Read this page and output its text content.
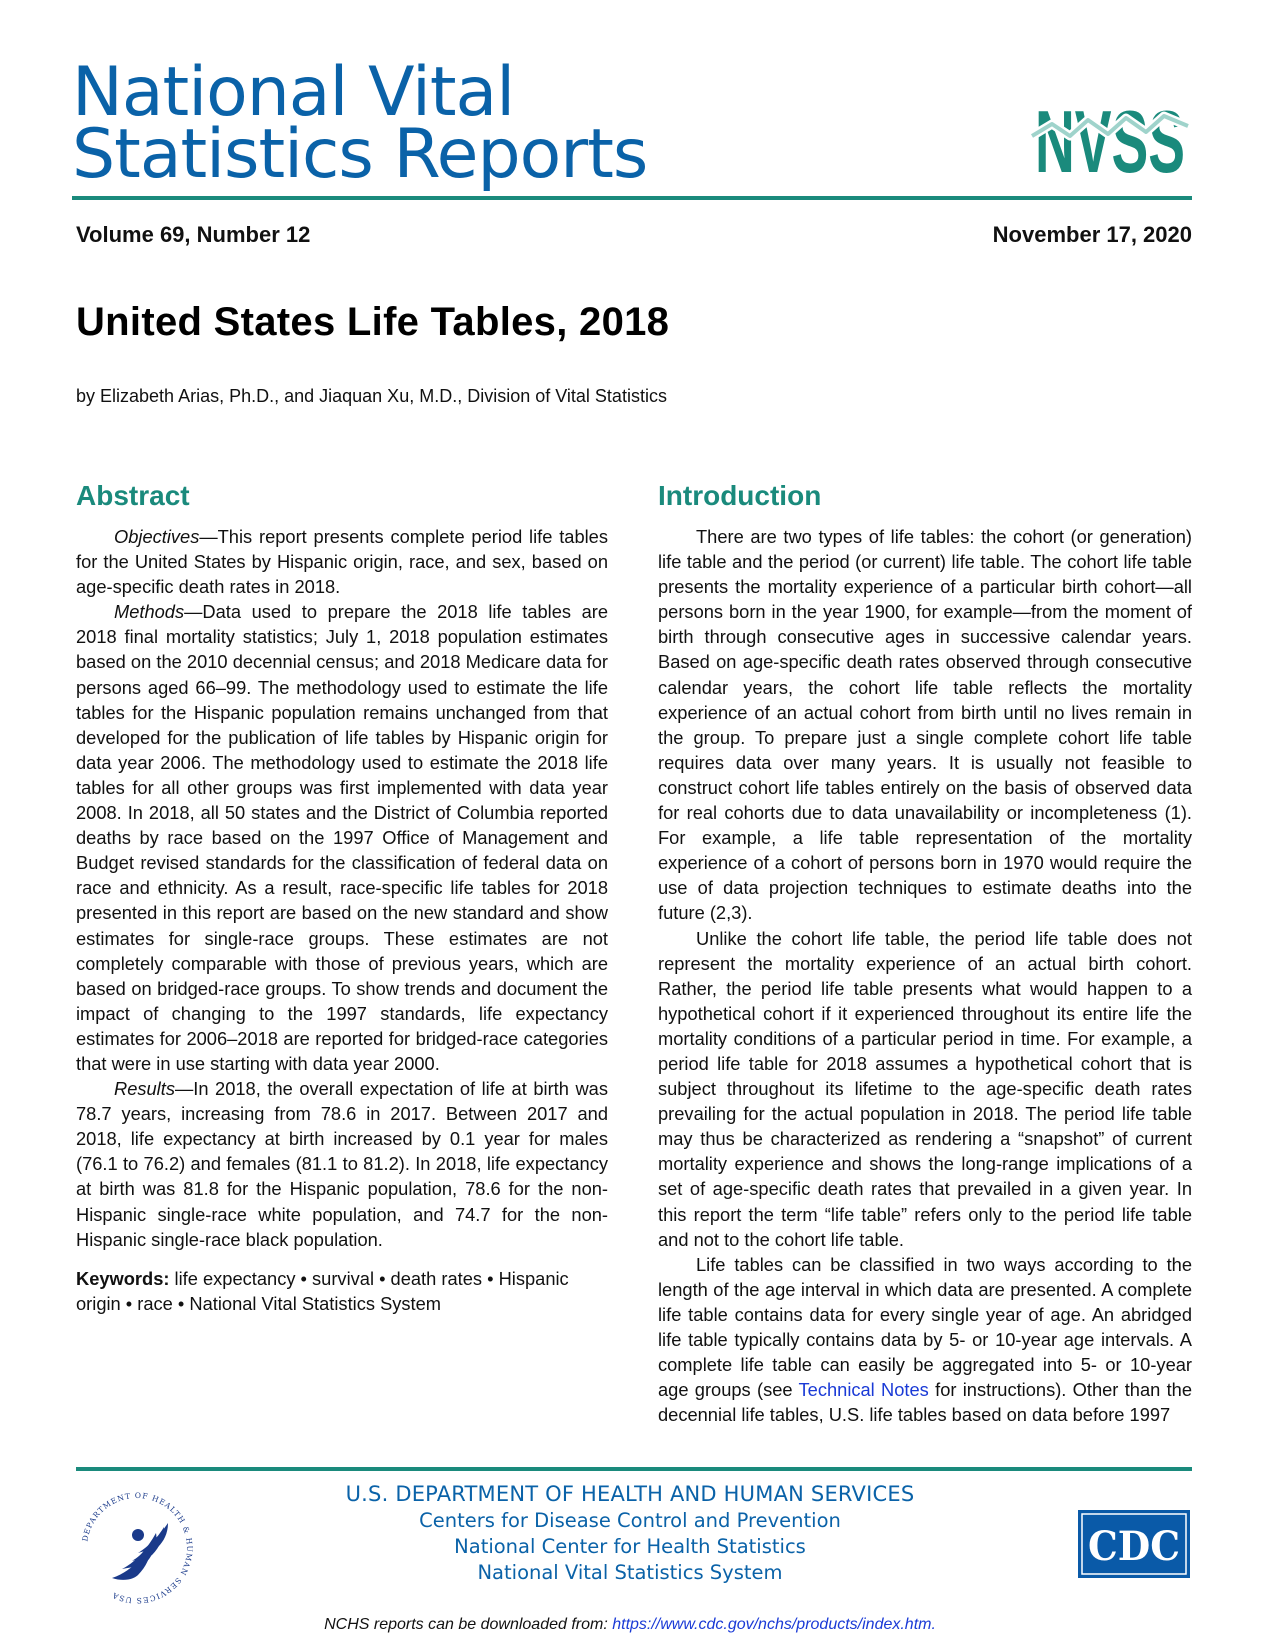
National Vital
Statistics Reports	NVSS
Volume 69, Number 12	November 17, 2020
United States Life Tables, 2018
by Elizabeth Arias, Ph.D., and Jiaquan Xu, M.D., Division of Vital Statistics
Abstract

Objectives—This report presents complete period life tables for the United States by Hispanic origin, race, and sex, based on age-specific death rates in 2018.

Methods—Data used to prepare the 2018 life tables are 2018 final mortality statistics; July 1, 2018 population estimates based on the 2010 decennial census; and 2018 Medicare data for persons aged 66–99. The methodology used to estimate the life tables for the Hispanic population remains unchanged from that developed for the publication of life tables by Hispanic origin for data year 2006. The methodology used to estimate the 2018 life tables for all other groups was first implemented with data year 2008. In 2018, all 50 states and the District of Columbia reported deaths by race based on the 1997 Office of Management and Budget revised standards for the classification of federal data on race and ethnicity. As a result, race-specific life tables for 2018 presented in this report are based on the new standard and show estimates for single-race groups. These estimates are not completely comparable with those of previous years, which are based on bridged-race groups. To show trends and document the impact of changing to the 1997 standards, life expectancy estimates for 2006–2018 are reported for bridged-race categories that were in use starting with data year 2000.

Results—In 2018, the overall expectation of life at birth was 78.7 years, increasing from 78.6 in 2017. Between 2017 and 2018, life expectancy at birth increased by 0.1 year for males (76.1 to 76.2) and females (81.1 to 81.2). In 2018, life expectancy at birth was 81.8 for the Hispanic population, 78.6 for the non-Hispanic single-race white population, and 74.7 for the non-Hispanic single-race black population.

Keywords: life expectancy • survival • death rates • Hispanic origin • race • National Vital Statistics System

Introduction

There are two types of life tables: the cohort (or generation) life table and the period (or current) life table. The cohort life table presents the mortality experience of a particular birth cohort—all persons born in the year 1900, for example—from the moment of birth through consecutive ages in successive calendar years. Based on age-specific death rates observed through consecutive calendar years, the cohort life table reflects the mortality experience of an actual cohort from birth until no lives remain in the group. To prepare just a single complete cohort life table requires data over many years. It is usually not feasible to construct cohort life tables entirely on the basis of observed data for real cohorts due to data unavailability or incompleteness (1). For example, a life table representation of the mortality experience of a cohort of persons born in 1970 would require the use of data projection techniques to estimate deaths into the future (2,3).

Unlike the cohort life table, the period life table does not represent the mortality experience of an actual birth cohort. Rather, the period life table presents what would happen to a hypothetical cohort if it experienced throughout its entire life the mortality conditions of a particular period in time. For example, a period life table for 2018 assumes a hypothetical cohort that is subject throughout its lifetime to the age-specific death rates prevailing for the actual population in 2018. The period life table may thus be characterized as rendering a “snapshot” of current mortality experience and shows the long-range implications of a set of age-specific death rates that prevailed in a given year. In this report the term “life table” refers only to the period life table and not to the cohort life table.

Life tables can be classified in two ways according to the length of the age interval in which data are presented. A complete life table contains data for every single year of age. An abridged life table typically contains data by 5- or 10-year age intervals. A complete life table can easily be aggregated into 5- or 10-year age groups (see Technical Notes for instructions). Other than the decennial life tables, U.S. life tables based on data before 1997

DEPARTMENT OF HEALTH & HUMAN SERVICES USA
U.S. DEPARTMENT OF HEALTH AND HUMAN SERVICES
Centers for Disease Control and Prevention
National Center for Health Statistics
National Vital Statistics System
CDC
NCHS reports can be downloaded from: https://www.cdc.gov/nchs/products/index.htm.
